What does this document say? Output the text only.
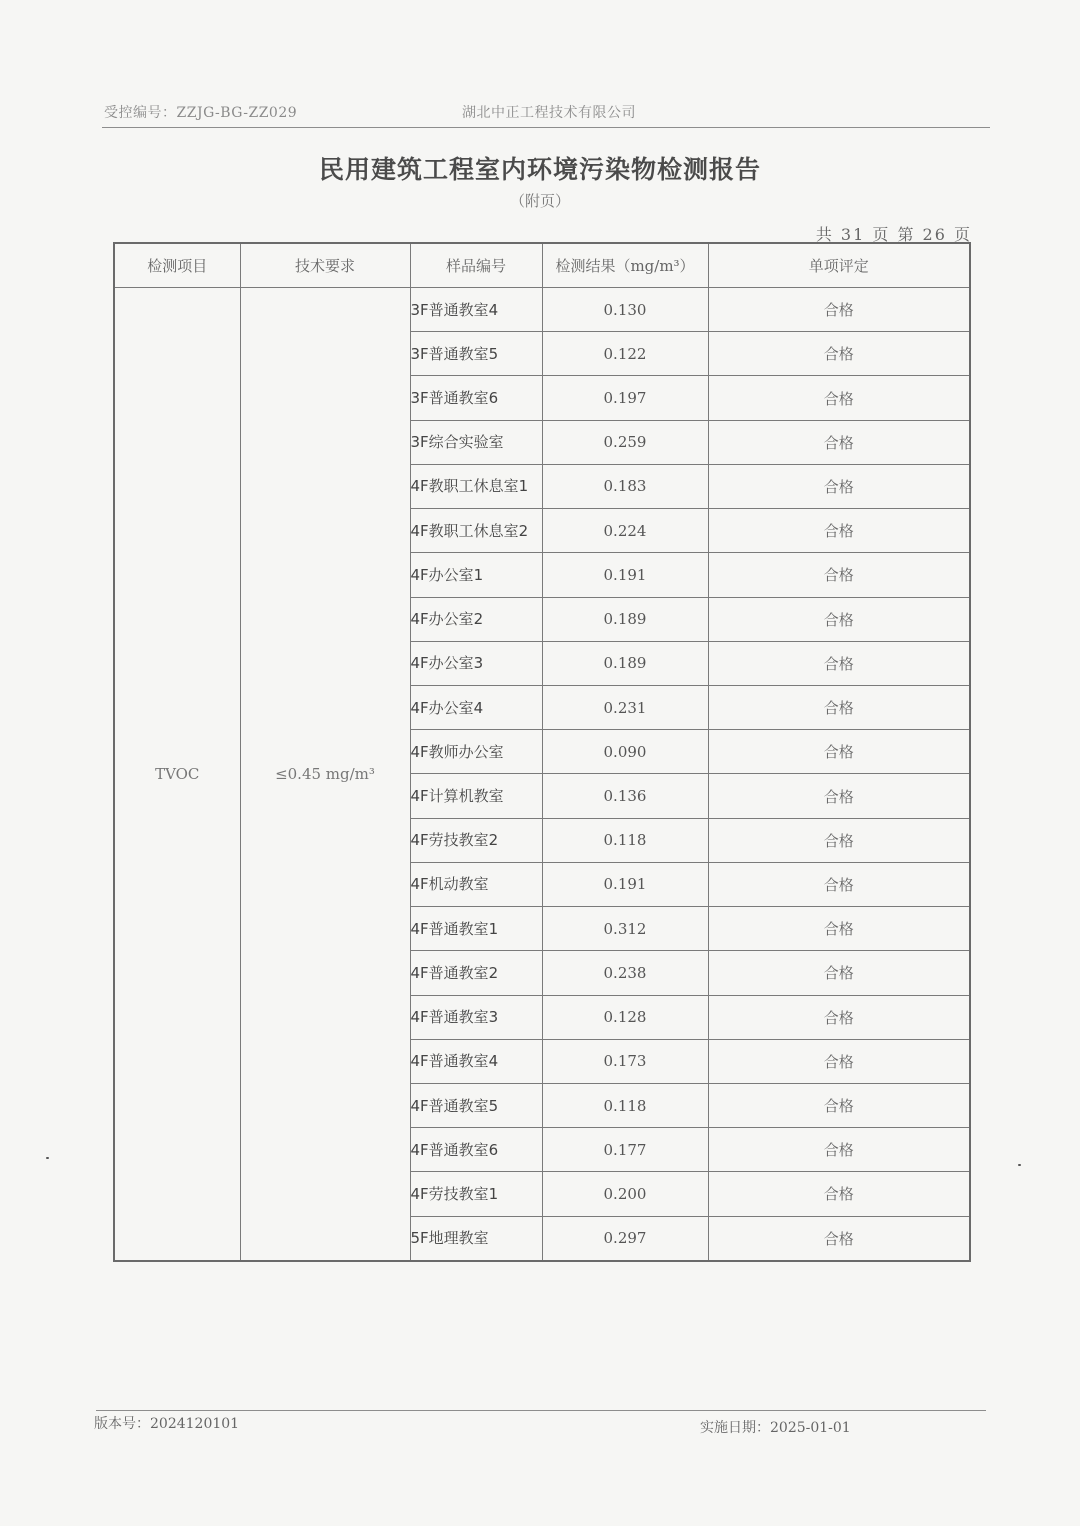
受控编号：ZZJG-BG-ZZ029	湖北中正工程技术有限公司
民用建筑工程室内环境污染物检测报告
（附页）
共 31 页 第 26 页
检测项目	技术要求	样品编号	检测结果（mg/m³）	单项评定
TVOC	≤0.45 mg/m³	3F普通教室4	0.130	合格
		3F普通教室5	0.122	合格
		3F普通教室6	0.197	合格
		3F综合实验室	0.259	合格
		4F教职工休息室1	0.183	合格
		4F教职工休息室2	0.224	合格
		4F办公室1	0.191	合格
		4F办公室2	0.189	合格
		4F办公室3	0.189	合格
		4F办公室4	0.231	合格
		4F教师办公室	0.090	合格
		4F计算机教室	0.136	合格
		4F劳技教室2	0.118	合格
		4F机动教室	0.191	合格
		4F普通教室1	0.312	合格
		4F普通教室2	0.238	合格
		4F普通教室3	0.128	合格
		4F普通教室4	0.173	合格
		4F普通教室5	0.118	合格
		4F普通教室6	0.177	合格
		4F劳技教室1	0.200	合格
		5F地理教室	0.297	合格
版本号：2024120101	实施日期：2025-01-01
